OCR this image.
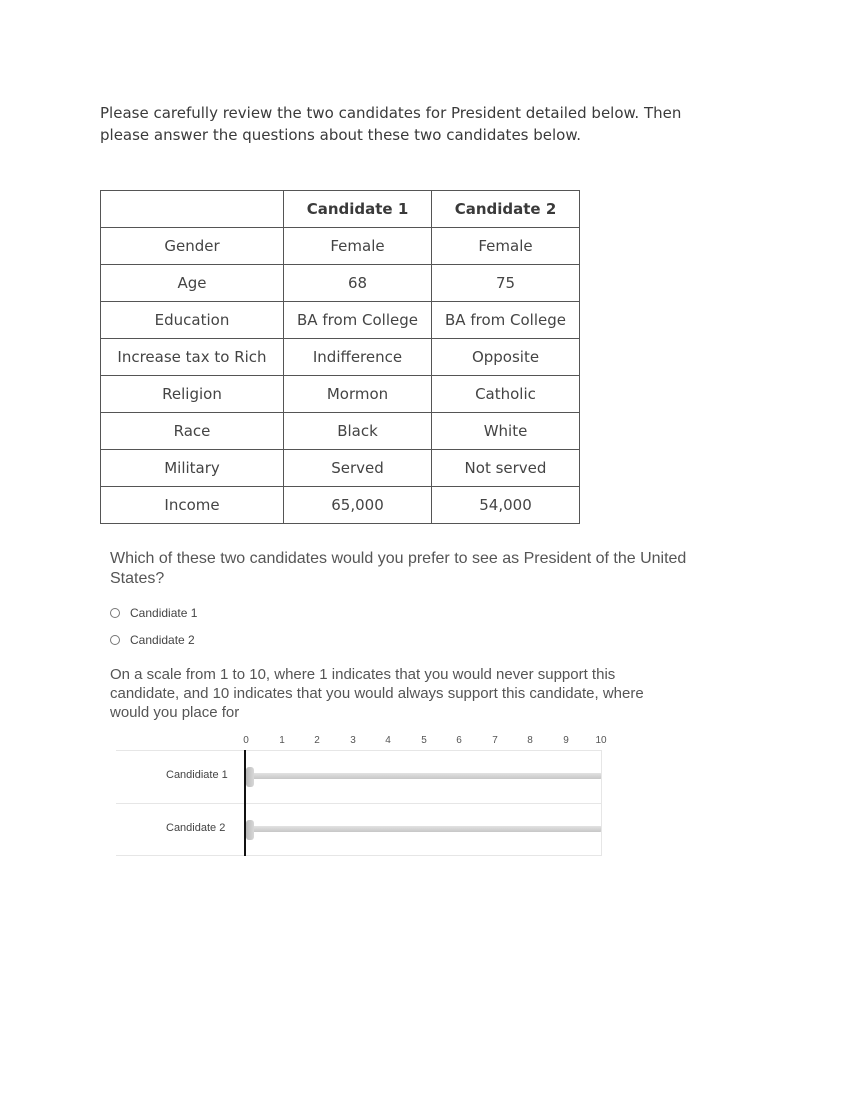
Please carefully review the two candidates for President detailed below. Then please answer the questions about these two candidates below.
	Candidate 1	Candidate 2
Gender	Female	Female
Age	68	75
Education	BA from College	BA from College
Increase tax to Rich	Indifference	Opposite
Religion	Mormon	Catholic
Race	Black	White
Military	Served	Not served
Income	65,000	54,000
Which of these two candidates would you prefer to see as President of the United States?
Candidiate 1
Candidate 2
On a scale from 1 to 10, where 1 indicates that you would never support this candidate, and 10 indicates that you would always support this candidate, where would you place for
0	1	2	3	4	5	6	7	8	9	10
Candidiate 1
Candidate 2
